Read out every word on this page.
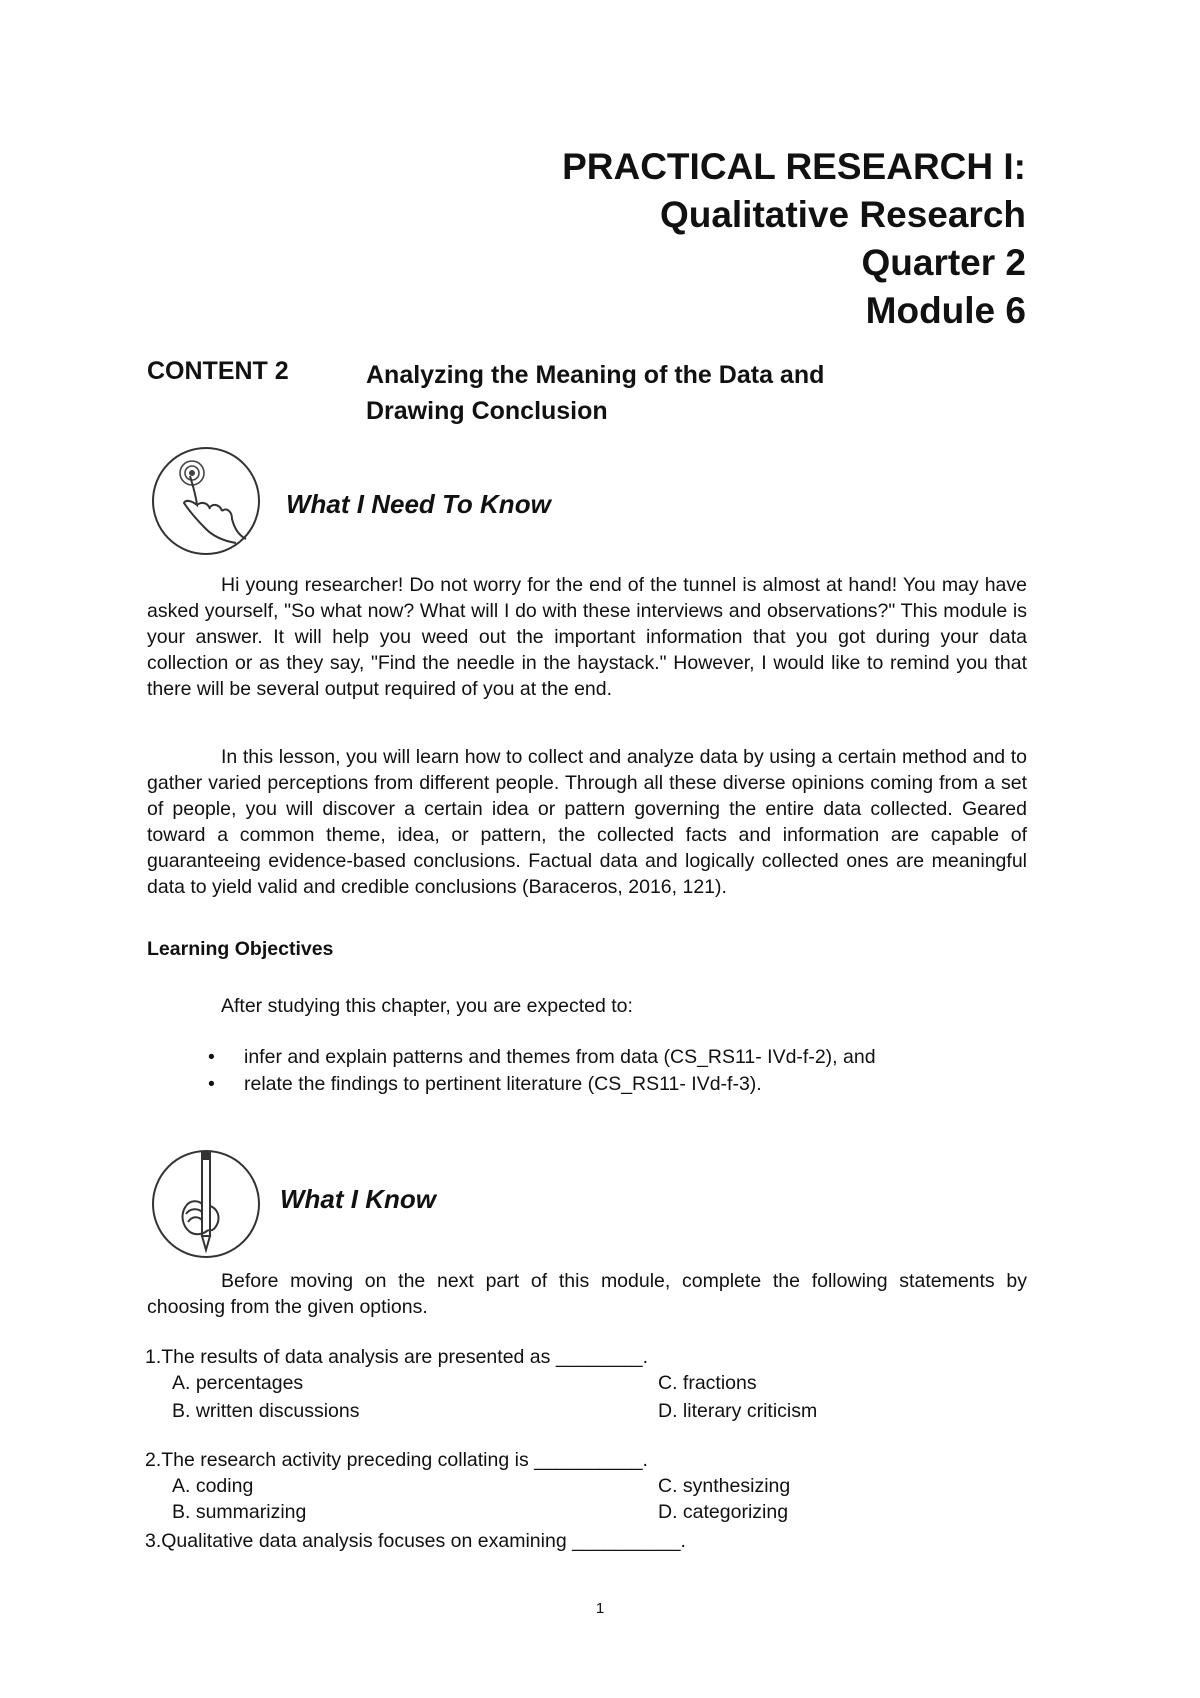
PRACTICAL RESEARCH I:
Qualitative Research
Quarter 2
Module 6
CONTENT 2	Analyzing the Meaning of the Data and
Drawing Conclusion
What I Need To Know
Hi young researcher! Do not worry for the end of the tunnel is almost at hand! You may have asked yourself, "So what now? What will I do with these interviews and observations?" This module is your answer. It will help you weed out the important information that you got during your data collection or as they say, "Find the needle in the haystack." However, I would like to remind you that there will be several output required of you at the end.
In this lesson, you will learn how to collect and analyze data by using a certain method and to gather varied perceptions from different people. Through all these diverse opinions coming from a set of people, you will discover a certain idea or pattern governing the entire data collected. Geared toward a common theme, idea, or pattern, the collected facts and information are capable of guaranteeing evidence-based conclusions. Factual data and logically collected ones are meaningful data to yield valid and credible conclusions (Baraceros, 2016, 121).
Learning Objectives
After studying this chapter, you are expected to:
• infer and explain patterns and themes from data (CS_RS11- IVd-f-2), and
• relate the findings to pertinent literature (CS_RS11- IVd-f-3).
What I Know
Before moving on the next part of this module, complete the following statements by choosing from the given options.
1.The results of data analysis are presented as ________.
A. percentages
B. written discussions
C. fractions
D. literary criticism
2.The research activity preceding collating is __________.
A. coding
B. summarizing
C. synthesizing
D. categorizing
3.Qualitative data analysis focuses on examining __________.
1
